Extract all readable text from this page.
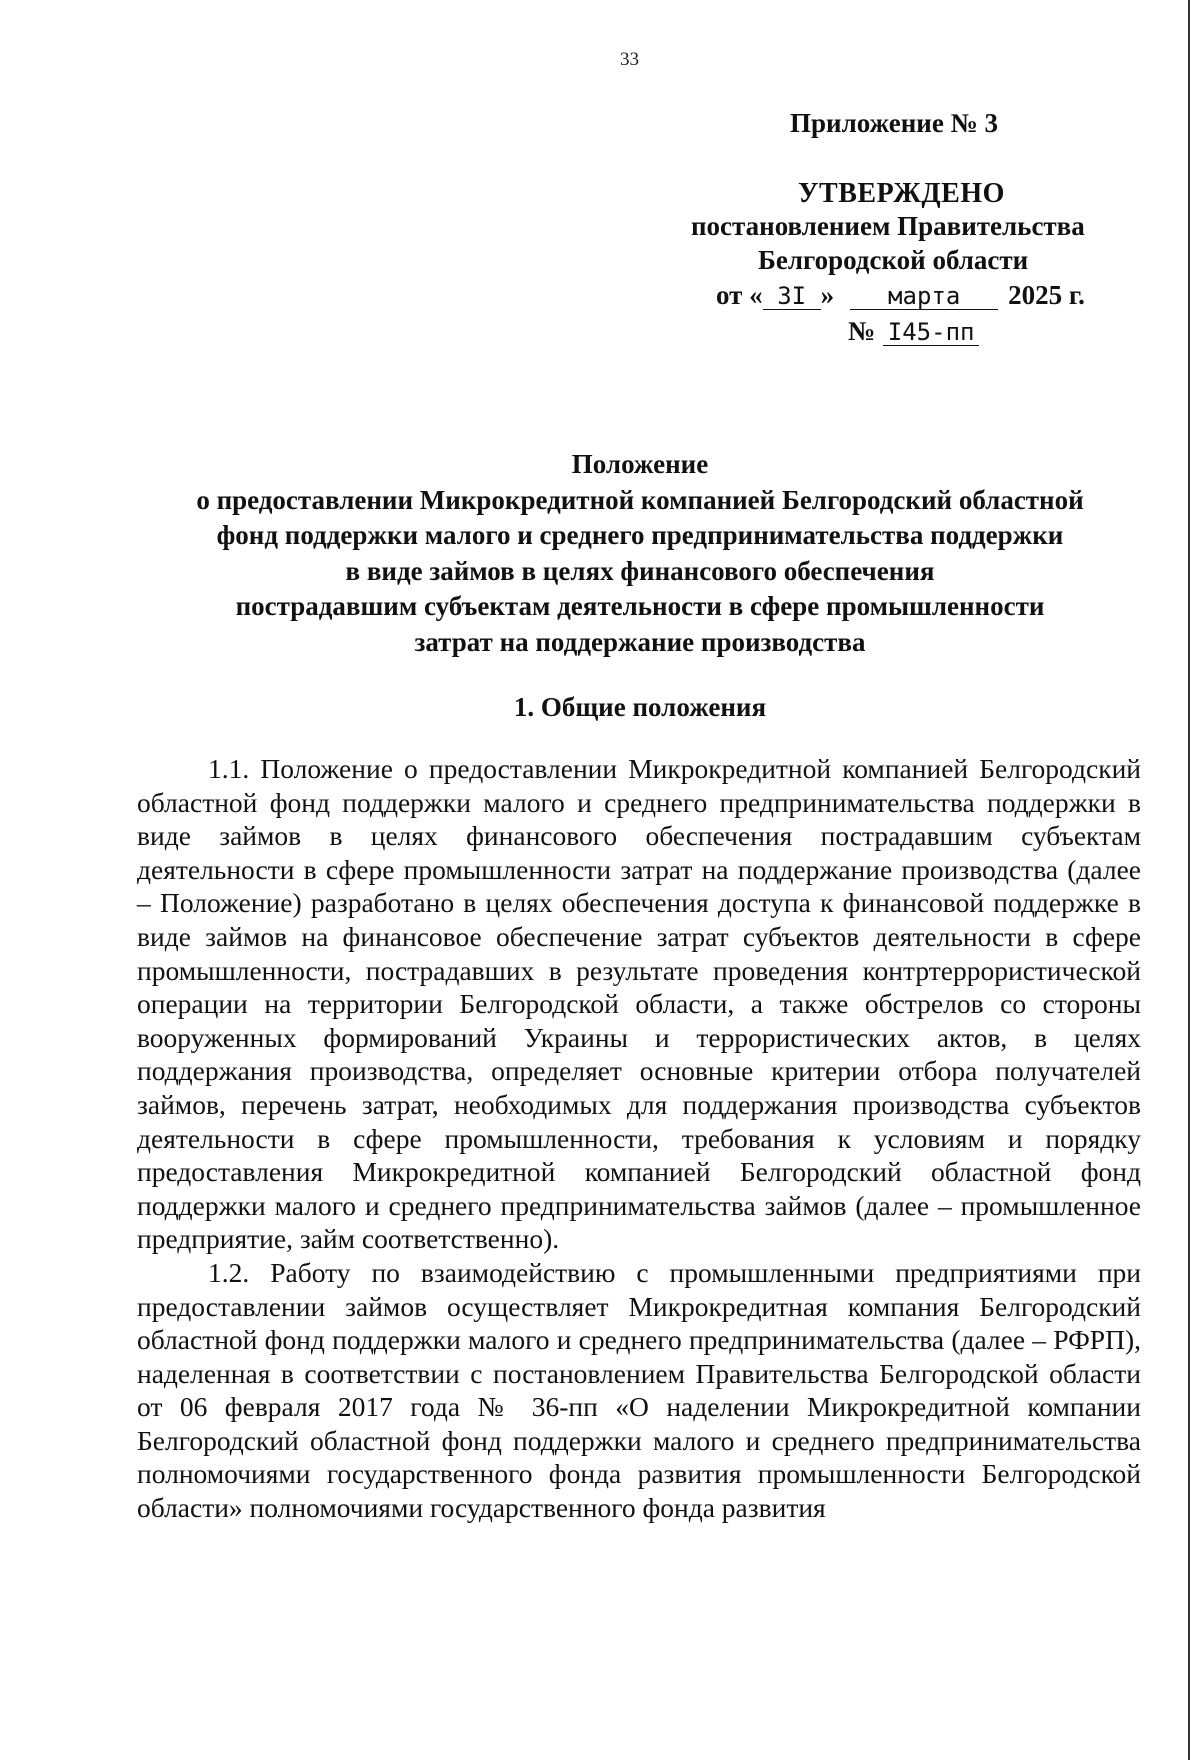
33
Приложение № 3
УТВЕРЖДЕНО
постановлением Правительства
Белгородской области
от « 3I » марта 2025 г.
№ I45-пп
Положение
о предоставлении Микрокредитной компанией Белгородский областной
фонд поддержки малого и среднего предпринимательства поддержки
в виде займов в целях финансового обеспечения
пострадавшим субъектам деятельности в сфере промышленности
затрат на поддержание производства
1. Общие положения

1.1. Положение о предоставлении Микрокредитной компанией Белгородский областной фонд поддержки малого и среднего предпринимательства поддержки в виде займов в целях финансового обеспечения пострадавшим субъектам деятельности в сфере промышленности затрат на поддержание производства (далее – Положение) разработано в целях обеспечения доступа к финансовой поддержке в виде займов на финансовое обеспечение затрат субъектов деятельности в сфере промышленности, пострадавших в результате проведения контртеррористической операции на территории Белгородской области, а также обстрелов со стороны вооруженных формирований Украины и террористических актов, в целях поддержания производства, определяет основные критерии отбора получателей займов, перечень затрат, необходимых для поддержания производства субъектов деятельности в сфере промышленности, требования к условиям и порядку предоставления Микрокредитной компанией Белгородский областной фонд поддержки малого и среднего предпринимательства займов (далее – промышленное предприятие, займ соответственно).

1.2. Работу по взаимодействию с промышленными предприятиями при предоставлении займов осуществляет Микрокредитная компания Белгородский областной фонд поддержки малого и среднего предпринимательства (далее – РФРП), наделенная в соответствии с постановлением Правительства Белгородской области от 06 февраля 2017 года № 36-пп «О наделении Микрокредитной компании Белгородский областной фонд поддержки малого и среднего предпринимательства полномочиями государственного фонда развития промышленности Белгородской области» полномочиями государственного фонда развития
